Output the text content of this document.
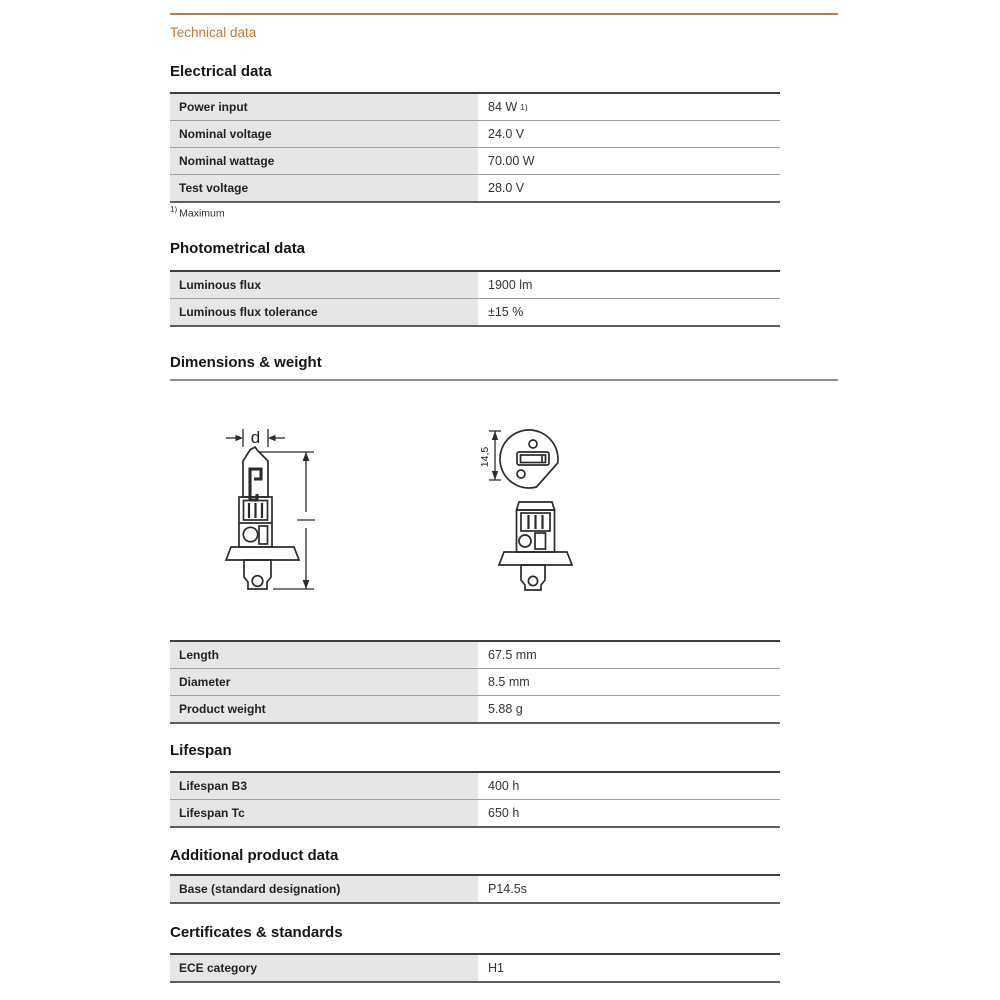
Technical data
Electrical data
Power input	84 W 1)
Nominal voltage	24.0 V
Nominal wattage	70.00 W
Test voltage	28.0 V
$^{1)}$ Maximum
Photometrical data
Luminous flux	1900 lm
Luminous flux tolerance	±15 %
Dimensions & weight
d
14,5
Length	67.5 mm
Diameter	8.5 mm
Product weight	5.88 g
Lifespan
Lifespan B3	400 h
Lifespan Tc	650 h
Additional product data
Base (standard designation)	P14.5s
Certificates & standards
ECE category	H1
